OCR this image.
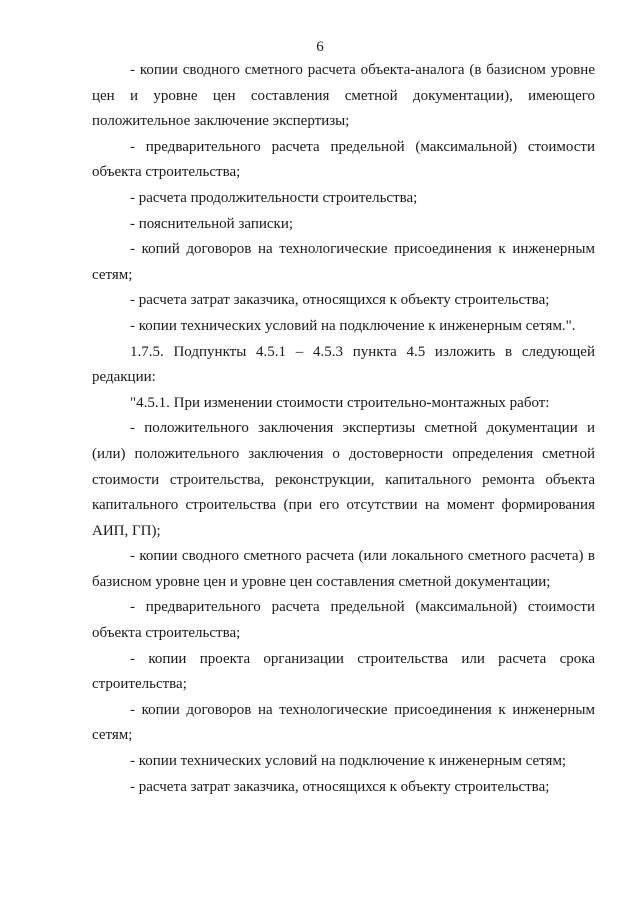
6

- копии сводного сметного расчета объекта-аналога (в базисном уровне цен и уровне цен составления сметной документации), имеющего положительное заключение экспертизы;

- предварительного расчета предельной (максимальной) стоимости объекта строительства;

- расчета продолжительности строительства;

- пояснительной записки;

- копий договоров на технологические присоединения к инженерным сетям;

- расчета затрат заказчика, относящихся к объекту строительства;

- копии технических условий на подключение к инженерным сетям.".

1.7.5. Подпункты 4.5.1 – 4.5.3 пункта 4.5 изложить в следующей редакции:

"4.5.1. При изменении стоимости строительно-монтажных работ:

- положительного заключения экспертизы сметной документации и (или) положительного заключения о достоверности определения сметной стоимости строительства, реконструкции, капитального ремонта объекта капитального строительства (при его отсутствии на момент формирования АИП, ГП);

- копии сводного сметного расчета (или локального сметного расчета) в базисном уровне цен и уровне цен составления сметной документации;

- предварительного расчета предельной (максимальной) стоимости объекта строительства;

- копии проекта организации строительства или расчета срока строительства;

- копии договоров на технологические присоединения к инженерным сетям;

- копии технических условий на подключение к инженерным сетям;

- расчета затрат заказчика, относящихся к объекту строительства;
